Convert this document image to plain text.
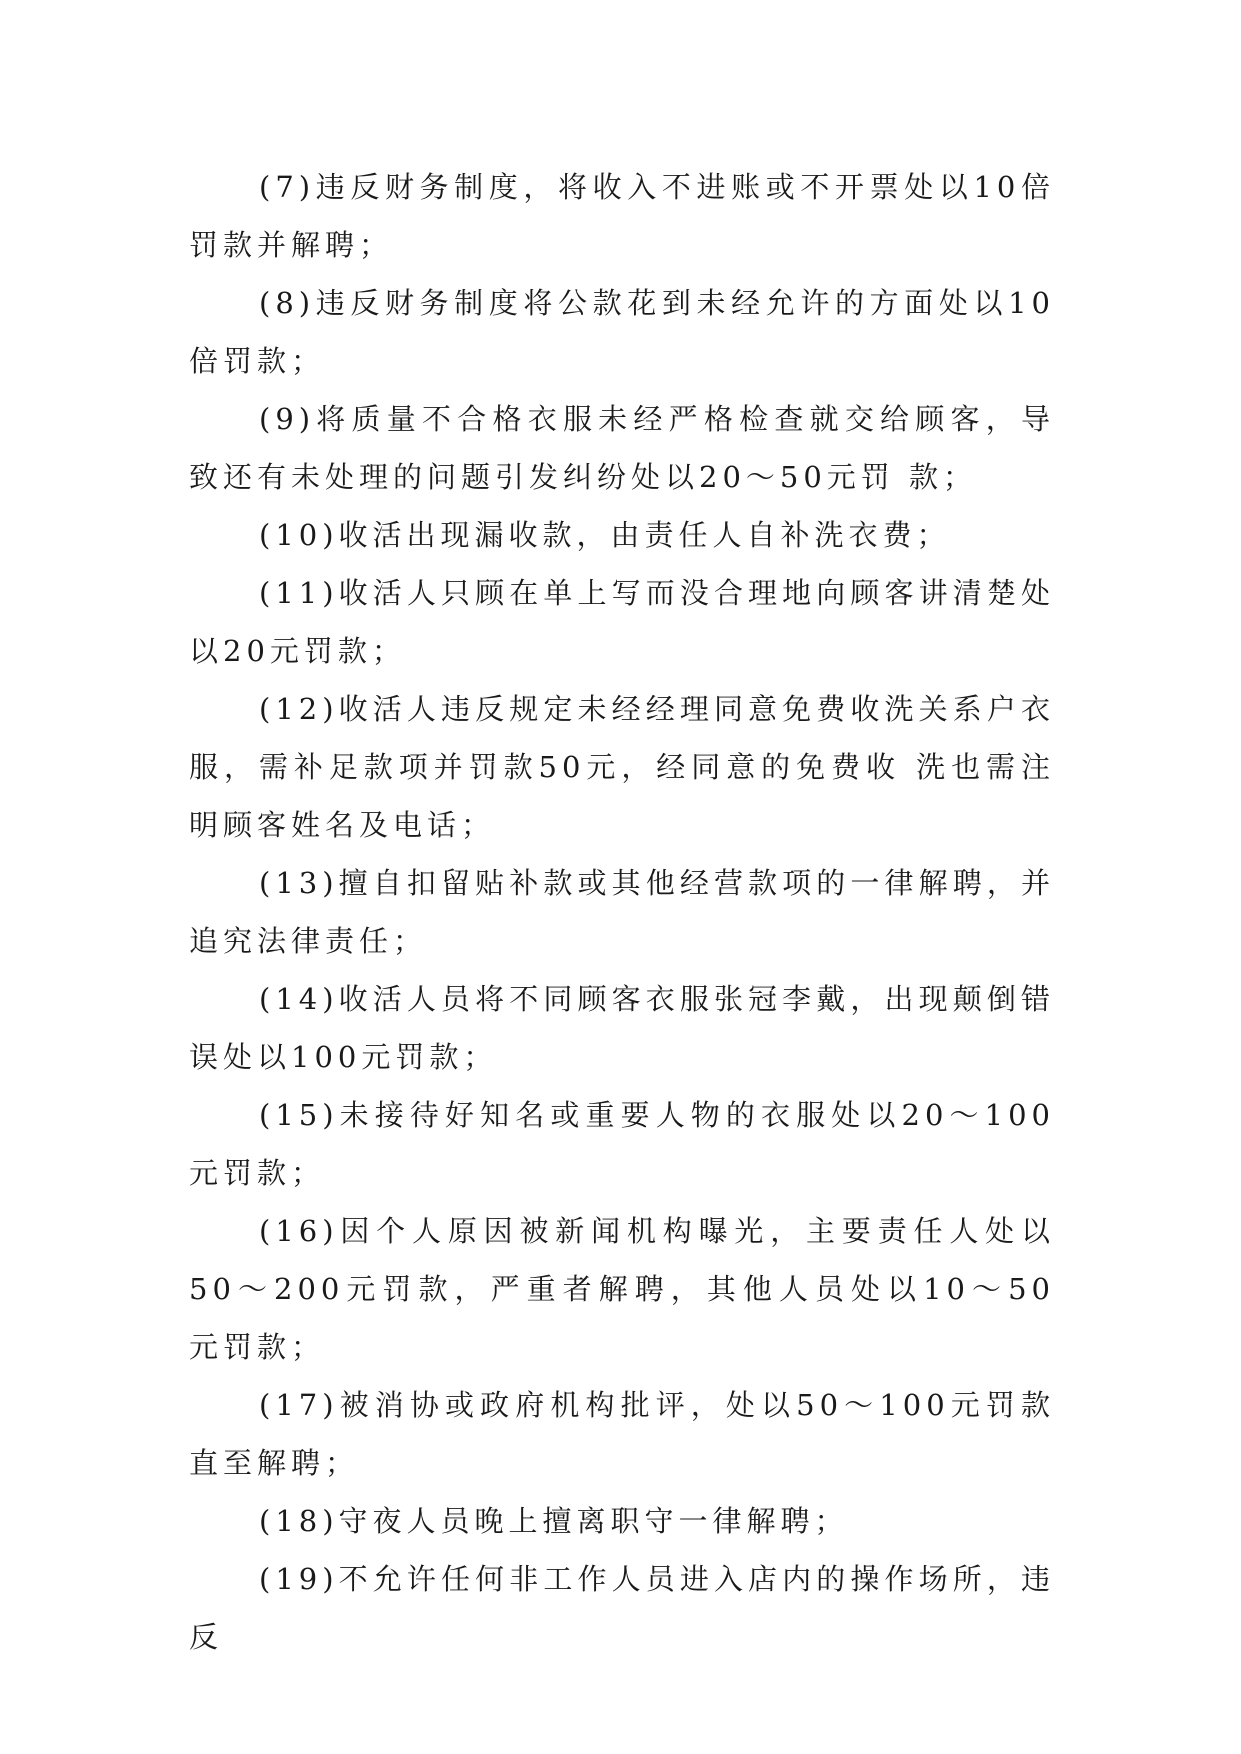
(7)违反财务制度，将收入不进账或不开票处以10倍罚款并解聘；

(8)违反财务制度将公款花到未经允许的方面处以10倍罚款；

(9)将质量不合格衣服未经严格检查就交给顾客，导致还有未处理的问题引发纠纷处以20～50元罚 款；

(10)收活出现漏收款，由责任人自补洗衣费；

(11)收活人只顾在单上写而没合理地向顾客讲清楚处以20元罚款；

(12)收活人违反规定未经经理同意免费收洗关系户衣服，需补足款项并罚款50元，经同意的免费收 洗也需注明顾客姓名及电话；

(13)擅自扣留贴补款或其他经营款项的一律解聘，并追究法律责任；

(14)收活人员将不同顾客衣服张冠李戴，出现颠倒错误处以100元罚款；

(15)未接待好知名或重要人物的衣服处以20～100元罚款；

(16)因个人原因被新闻机构曝光，主要责任人处以50～200元罚款，严重者解聘，其他人员处以10～50 元罚款；

(17)被消协或政府机构批评，处以50～100元罚款直至解聘；

(18)守夜人员晚上擅离职守一律解聘；

(19)不允许任何非工作人员进入店内的操作场所，违反
